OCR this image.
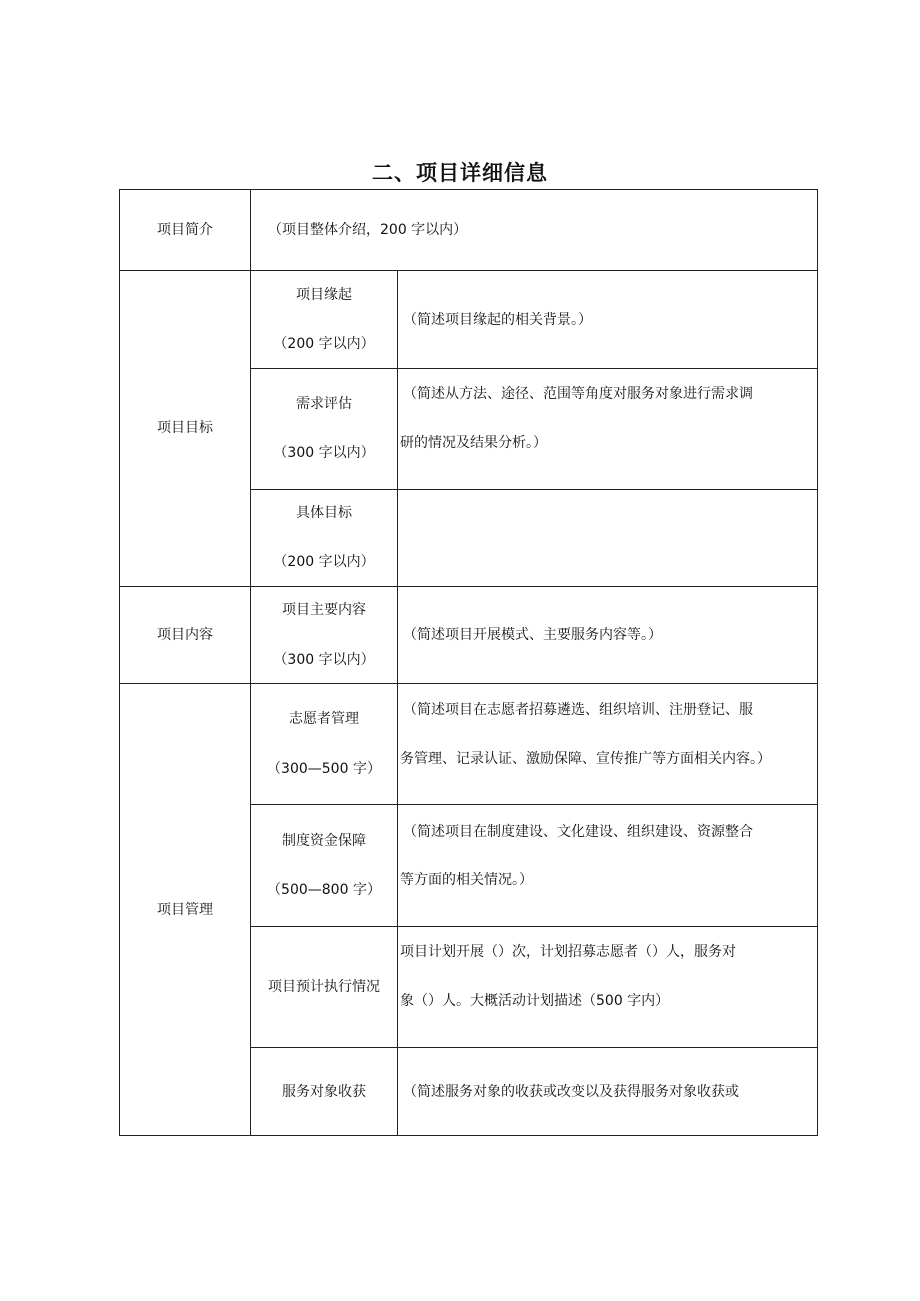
二、项目详细信息
项目简介	（项目整体介绍，200 字以内）
项目目标
项目缘起
（200 字以内）
（简述项目缘起的相关背景。）
需求评估
（300 字以内）
（简述从方法、途径、范围等角度对服务对象进行需求调
研的情况及结果分析。）
具体目标
（200 字以内）
项目内容
项目主要内容
（300 字以内）
（简述项目开展模式、主要服务内容等。）
项目管理
志愿者管理
（300—500 字）
（简述项目在志愿者招募遴选、组织培训、注册登记、服
务管理、记录认证、激励保障、宣传推广等方面相关内容。）
制度资金保障
（500—800 字）
（简述项目在制度建设、文化建设、组织建设、资源整合
等方面的相关情况。）
项目预计执行情况
项目计划开展（）次，计划招募志愿者（）人，服务对
象（）人。大概活动计划描述（500 字内）
服务对象收获	（简述服务对象的收获或改变以及获得服务对象收获或
